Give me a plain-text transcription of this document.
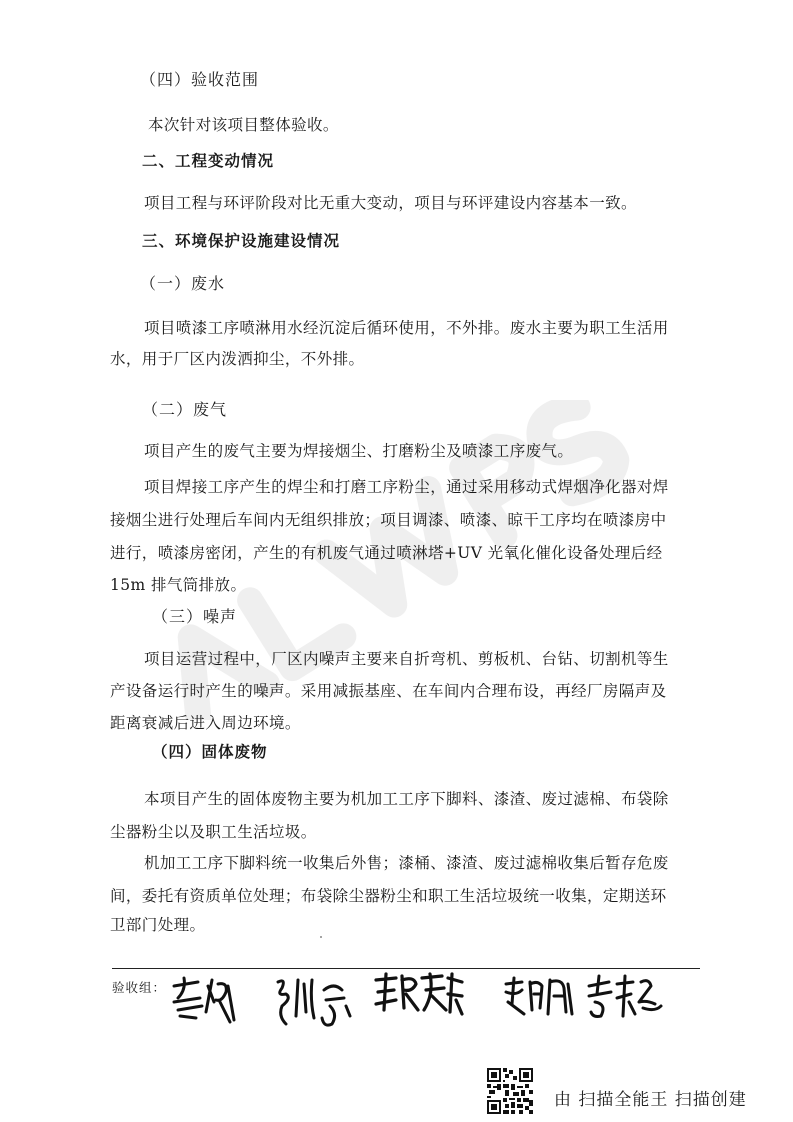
（四）验收范围
本次针对该项目整体验收。
二、工程变动情况
项目工程与环评阶段对比无重大变动，项目与环评建设内容基本一致。
三、环境保护设施建设情况
（一）废水
项目喷漆工序喷淋用水经沉淀后循环使用，不外排。废水主要为职工生活用
水，用于厂区内泼洒抑尘，不外排。
（二）废气
项目产生的废气主要为焊接烟尘、打磨粉尘及喷漆工序废气。
项目焊接工序产生的焊尘和打磨工序粉尘，通过采用移动式焊烟净化器对焊
接烟尘进行处理后车间内无组织排放；项目调漆、喷漆、晾干工序均在喷漆房中
进行，喷漆房密闭，产生的有机废气通过喷淋塔+UV 光氧化催化设备处理后经
15m 排气筒排放。
（三）噪声
项目运营过程中，厂区内噪声主要来自折弯机、剪板机、台钻、切割机等生
产设备运行时产生的噪声。采用减振基座、在车间内合理布设，再经厂房隔声及
距离衰减后进入周边环境。
（四）固体废物
本项目产生的固体废物主要为机加工工序下脚料、漆渣、废过滤棉、布袋除
尘器粉尘以及职工生活垃圾。
机加工工序下脚料统一收集后外售；漆桶、漆渣、废过滤棉收集后暂存危废
间，委托有资质单位处理；布袋除尘器粉尘和职工生活垃圾统一收集，定期送环
卫部门处理。
验收组：
由 扫描全能王 扫描创建
